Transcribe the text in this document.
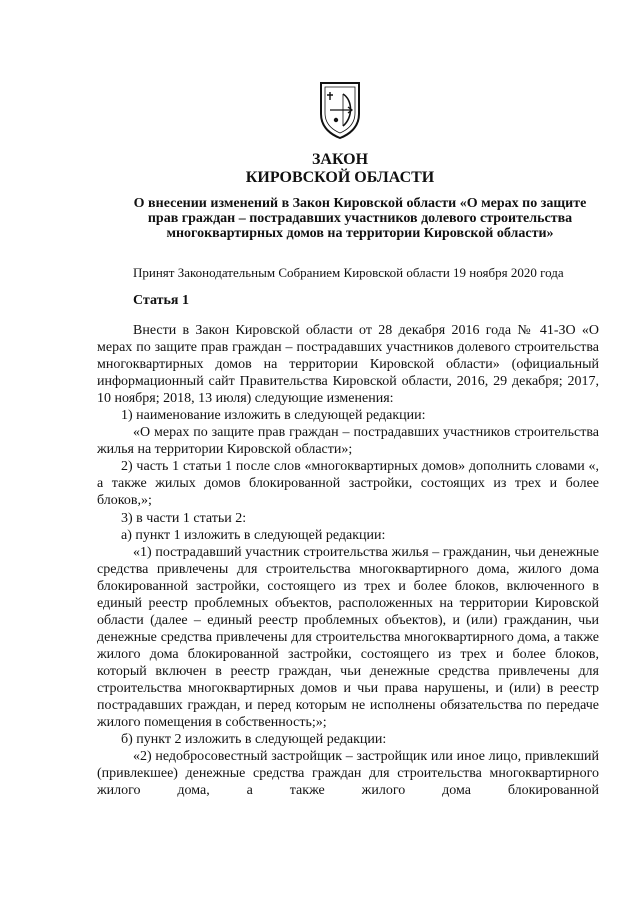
ЗАКОН
КИРОВСКОЙ ОБЛАСТИ
О внесении изменений в Закон Кировской области «О мерах по защите прав граждан – пострадавших участников долевого строительства многоквартирных домов на территории Кировской области»
Принят Законодательным Собранием Кировской области 19 ноября 2020 года
Статья 1

Внести в Закон Кировской области от 28 декабря 2016 года № 41-ЗО «О мерах по защите прав граждан – пострадавших участников долевого строительства многоквартирных домов на территории Кировской области» (официальный информационный сайт Правительства Кировской области, 2016, 29 декабря; 2017, 10 ноября; 2018, 13 июля) следующие изменения:

1) наименование изложить в следующей редакции:

«О мерах по защите прав граждан – пострадавших участников строительства жилья на территории Кировской области»;

2) часть 1 статьи 1 после слов «многоквартирных домов» дополнить словами «, а также жилых домов блокированной застройки, состоящих из трех и более блоков,»;

3) в части 1 статьи 2:

а) пункт 1 изложить в следующей редакции:

«1) пострадавший участник строительства жилья – гражданин, чьи денежные средства привлечены для строительства многоквартирного дома, жилого дома блокированной застройки, состоящего из трех и более блоков, включенного в единый реестр проблемных объектов, расположенных на территории Кировской области (далее – единый реестр проблемных объектов), и (или) гражданин, чьи денежные средства привлечены для строительства многоквартирного дома, а также жилого дома блокированной застройки, состоящего из трех и более блоков, который включен в реестр граждан, чьи денежные средства привлечены для строительства многоквартирных домов и чьи права нарушены, и (или) в реестр пострадавших граждан, и перед которым не исполнены обязательства по передаче жилого помещения в собственность;»;

б) пункт 2 изложить в следующей редакции:

«2) недобросовестный застройщик – застройщик или иное лицо, привлекший (привлекшее) денежные средства граждан для строительства многоквартирного жилого дома, а также жилого дома блокированной
